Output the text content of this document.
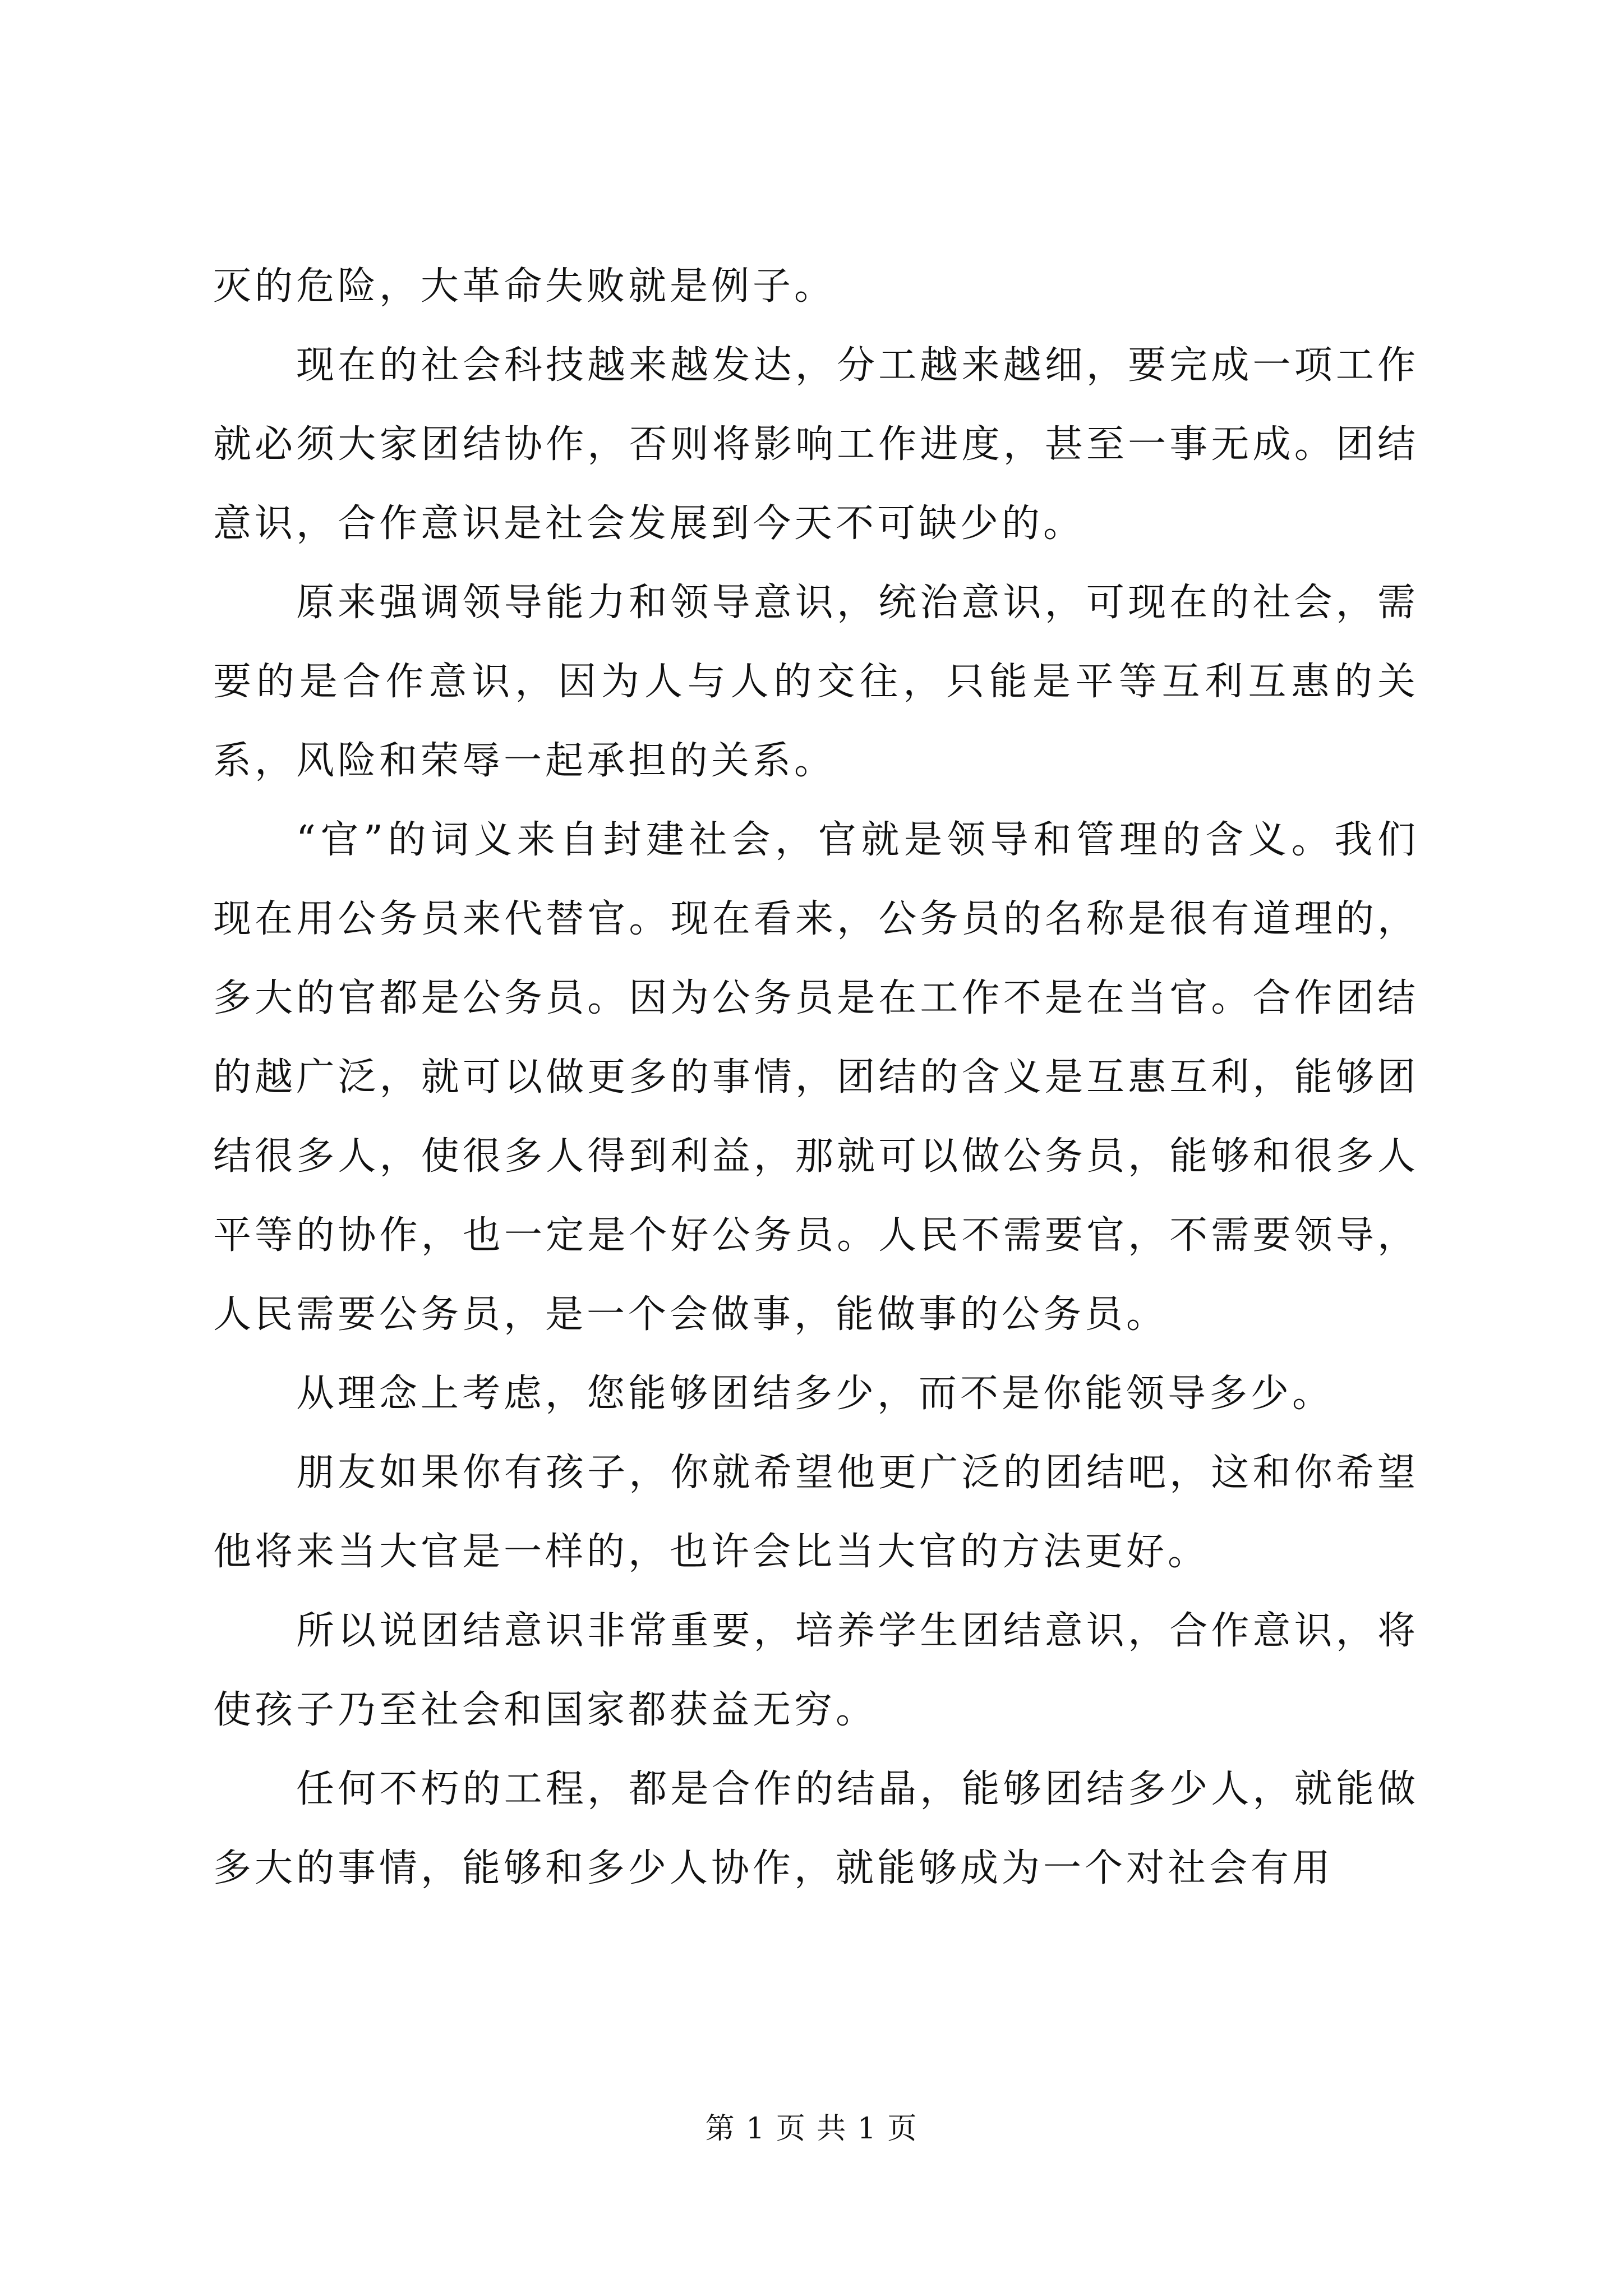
灭的危险，大革命失败就是例子。

现在的社会科技越来越发达，分工越来越细，要完成一项工作就必须大家团结协作，否则将影响工作进度，甚至一事无成。团结意识，合作意识是社会发展到今天不可缺少的。

原来强调领导能力和领导意识，统治意识，可现在的社会，需要的是合作意识，因为人与人的交往，只能是平等互利互惠的关系，风险和荣辱一起承担的关系。

“官”的词义来自封建社会，官就是领导和管理的含义。我们现在用公务员来代替官。现在看来，公务员的名称是很有道理的，多大的官都是公务员。因为公务员是在工作不是在当官。合作团结的越广泛，就可以做更多的事情，团结的含义是互惠互利，能够团结很多人，使很多人得到利益，那就可以做公务员，能够和很多人平等的协作，也一定是个好公务员。人民不需要官，不需要领导，人民需要公务员，是一个会做事，能做事的公务员。

从理念上考虑，您能够团结多少，而不是你能领导多少。

朋友如果你有孩子，你就希望他更广泛的团结吧，这和你希望他将来当大官是一样的，也许会比当大官的方法更好。

所以说团结意识非常重要，培养学生团结意识，合作意识，将使孩子乃至社会和国家都获益无穷。

任何不朽的工程，都是合作的结晶，能够团结多少人，就能做多大的事情，能够和多少人协作，就能够成为一个对社会有用

第 1 页 共 1 页
